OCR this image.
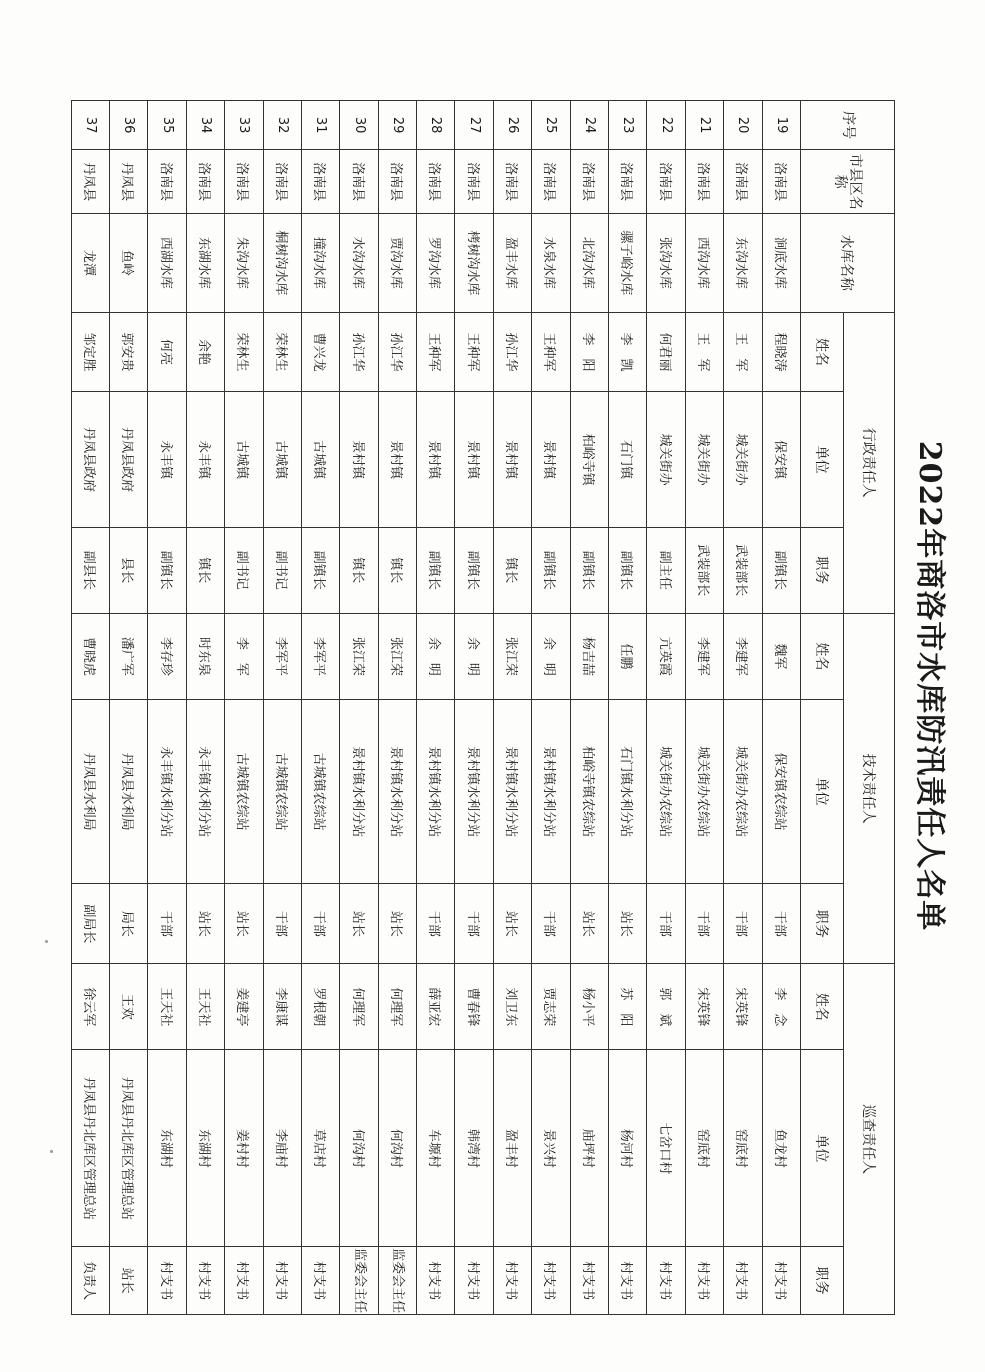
2022年商洛市水库防汛责任人名单
序号	市县区名称	水库名称	行政责任人			技术责任人			巡查责任人		
			姓名	单位	职务	姓名	单位	职务	姓名	单位	职务
19	洛南县	涧底水库	程晓涛	保安镇	副镇长	魏军	保安镇农综站	干部	李　念	鱼龙村	村支书
20	洛南县	东沟水库	王　军	城关街办	武装部长	李建军	城关街办农综站	干部	宋英锋	窑底村	村支书
21	洛南县	西沟水库	王　军	城关街办	武装部长	李建军	城关街办农综站	干部	宋英锋	窑底村	村支书
22	洛南县	张沟水库	何君丽	城关街办	副主任	亢英霞	城关街办农综站	干部	郭　斌	七岔口村	村支书
23	洛南县	骡子峪水库	李　凯	石门镇	副镇长	任鹏	石门镇水利分站	站长	苏　阳	杨河村	村支书
24	洛南县	北沟水库	李　阳	柏峪寺镇	副镇长	杨吉喆	柏峪寺镇农综站	站长	杨小平	庙坪村	村支书
25	洛南县	水泉水库	王种军	景村镇	副镇长	余　明	景村镇水利分站	干部	贾志荣	景兴村	村支书
26	洛南县	盈丰水库	孙江华	景村镇	镇长	张江荣	景村镇水利分站	站长	刘卫东	盈丰村	村支书
27	洛南县	栲树沟水库	王种军	景村镇	副镇长	余　明	景村镇水利分站	干部	曹春锋	韩湾村	村支书
28	洛南县	罗沟水库	王种军	景村镇	副镇长	余　明	景村镇水利分站	干部	薛亚宏	车塬村	村支书
29	洛南县	贾沟水库	孙江华	景村镇	镇长	张江荣	景村镇水利分站	站长	何理军	何沟村	监委会主任
30	洛南县	水沟水库	孙江华	景村镇	镇长	张江荣	景村镇水利分站	站长	何理军	何沟村	监委会主任
31	洛南县	撞沟水库	曹兴龙	古城镇	副镇长	李军平	古城镇农综站	干部	罗根朝	草店村	村支书
32	洛南县	桐树沟水库	荣林生	古城镇	副书记	李军平	古城镇农综站	干部	李康谋	李庙村	村支书
33	洛南县	朱沟水库	荣林生	古城镇	副书记	李　军	古城镇农综站	站长	姜建亭	姜村村	村支书
34	洛南县	东湖水库	余艳	永丰镇	镇长	时东泉	永丰镇水利分站	站长	王天社	东湖村	村支书
35	洛南县	西湖水库	何亮	永丰镇	副镇长	李存珍	永丰镇水利分站	干部	王天社	东湖村	村支书
36	丹凤县	鱼岭	郭安贵	丹凤县政府	县长	潘广军	丹凤县水利局	局长	王欢	丹凤县丹北库区管理总站	站长
37	丹凤县	龙潭	邹定胜	丹凤县政府	副县长	曹晓虎	丹凤县水利局	副局长	徐云军	丹凤县丹北库区管理总站	负责人
